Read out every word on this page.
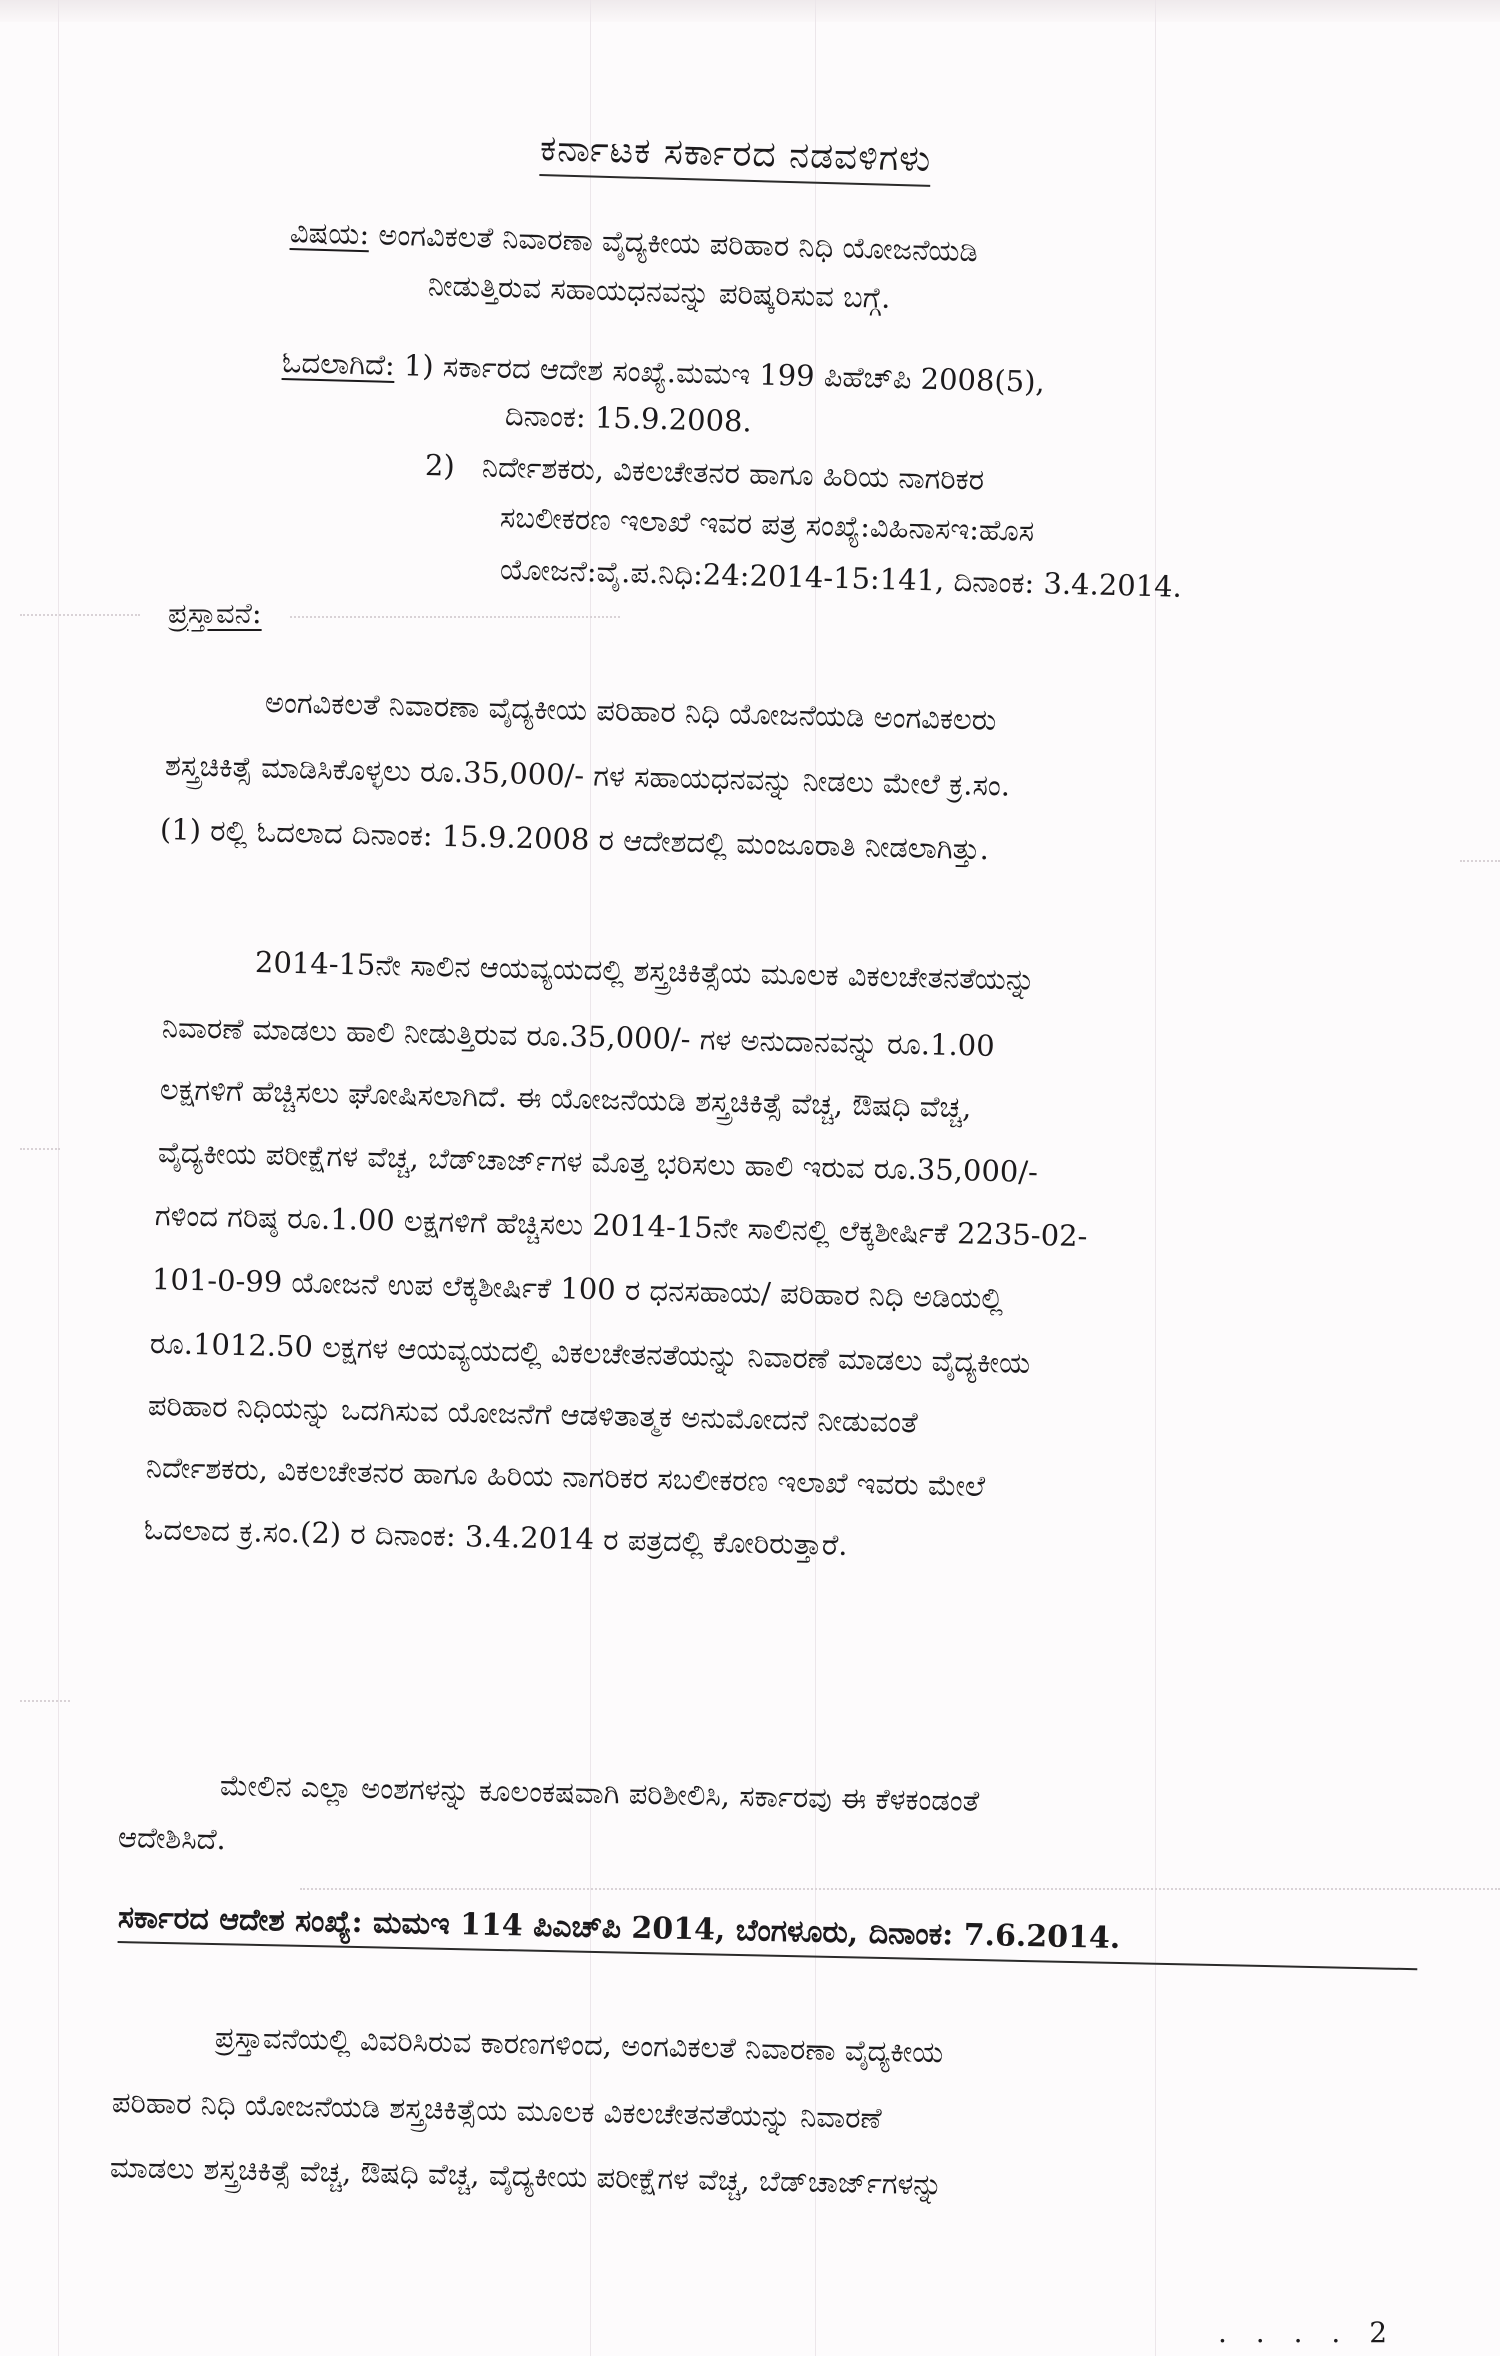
ಕರ್ನಾಟಕ ಸರ್ಕಾರದ ನಡವಳಿಗಳು
ವಿಷಯ: ಅಂಗವಿಕಲತೆ ನಿವಾರಣಾ ವೈದ್ಯಕೀಯ ಪರಿಹಾರ ನಿಧಿ ಯೋಜನೆಯಡಿ
ನೀಡುತ್ತಿರುವ ಸಹಾಯಧನವನ್ನು ಪರಿಷ್ಕರಿಸುವ ಬಗ್ಗೆ.
ಓದಲಾಗಿದೆ: 1) ಸರ್ಕಾರದ ಆದೇಶ ಸಂಖ್ಯೆ.ಮಮಇ 199 ಪಿಹೆಚ್‌ಪಿ 2008(5),
ದಿನಾಂಕ: 15.9.2008.
2) ನಿರ್ದೇಶಕರು, ವಿಕಲಚೇತನರ ಹಾಗೂ ಹಿರಿಯ ನಾಗರಿಕರ
ಸಬಲೀಕರಣ ಇಲಾಖೆ ಇವರ ಪತ್ರ ಸಂಖ್ಯೆ:ವಿಹಿನಾಸಇ:ಹೊಸ
ಯೋಜನೆ:ವೈ.ಪ.ನಿಧಿ:24:2014-15:141, ದಿನಾಂಕ: 3.4.2014.
ಪ್ರಸ್ತಾವನೆ:
ಅಂಗವಿಕಲತೆ ನಿವಾರಣಾ ವೈದ್ಯಕೀಯ ಪರಿಹಾರ ನಿಧಿ ಯೋಜನೆಯಡಿ ಅಂಗವಿಕಲರು
ಶಸ್ತ್ರಚಿಕಿತ್ಸೆ ಮಾಡಿಸಿಕೊಳ್ಳಲು ರೂ.35,000/- ಗಳ ಸಹಾಯಧನವನ್ನು ನೀಡಲು ಮೇಲೆ ಕ್ರ.ಸಂ.
(1) ರಲ್ಲಿ ಓದಲಾದ ದಿನಾಂಕ: 15.9.2008 ರ ಆದೇಶದಲ್ಲಿ ಮಂಜೂರಾತಿ ನೀಡಲಾಗಿತ್ತು.
2014-15ನೇ ಸಾಲಿನ ಆಯವ್ಯಯದಲ್ಲಿ ಶಸ್ತ್ರಚಿಕಿತ್ಸೆಯ ಮೂಲಕ ವಿಕಲಚೇತನತೆಯನ್ನು
ನಿವಾರಣೆ ಮಾಡಲು ಹಾಲಿ ನೀಡುತ್ತಿರುವ ರೂ.35,000/- ಗಳ ಅನುದಾನವನ್ನು ರೂ.1.00
ಲಕ್ಷಗಳಿಗೆ ಹೆಚ್ಚಿಸಲು ಘೋಷಿಸಲಾಗಿದೆ. ಈ ಯೋಜನೆಯಡಿ ಶಸ್ತ್ರಚಿಕಿತ್ಸೆ ವೆಚ್ಚ, ಔಷಧಿ ವೆಚ್ಚ,
ವೈದ್ಯಕೀಯ ಪರೀಕ್ಷೆಗಳ ವೆಚ್ಚ, ಬೆಡ್‌ಚಾರ್ಜ್‌ಗಳ ಮೊತ್ತ ಭರಿಸಲು ಹಾಲಿ ಇರುವ ರೂ.35,000/-
ಗಳಿಂದ ಗರಿಷ್ಠ ರೂ.1.00 ಲಕ್ಷಗಳಿಗೆ ಹೆಚ್ಚಿಸಲು 2014-15ನೇ ಸಾಲಿನಲ್ಲಿ ಲೆಕ್ಕಶೀರ್ಷಿಕೆ 2235-02-
101-0-99 ಯೋಜನೆ ಉಪ ಲೆಕ್ಕಶೀರ್ಷಿಕೆ 100 ರ ಧನಸಹಾಯ/ ಪರಿಹಾರ ನಿಧಿ ಅಡಿಯಲ್ಲಿ
ರೂ.1012.50 ಲಕ್ಷಗಳ ಆಯವ್ಯಯದಲ್ಲಿ ವಿಕಲಚೇತನತೆಯನ್ನು ನಿವಾರಣೆ ಮಾಡಲು ವೈದ್ಯಕೀಯ
ಪರಿಹಾರ ನಿಧಿಯನ್ನು ಒದಗಿಸುವ ಯೋಜನೆಗೆ ಆಡಳಿತಾತ್ಮಕ ಅನುಮೋದನೆ ನೀಡುವಂತೆ
ನಿರ್ದೇಶಕರು, ವಿಕಲಚೇತನರ ಹಾಗೂ ಹಿರಿಯ ನಾಗರಿಕರ ಸಬಲೀಕರಣ ಇಲಾಖೆ ಇವರು ಮೇಲೆ
ಓದಲಾದ ಕ್ರ.ಸಂ.(2) ರ ದಿನಾಂಕ: 3.4.2014 ರ ಪತ್ರದಲ್ಲಿ ಕೋರಿರುತ್ತಾರೆ.
ಮೇಲಿನ ಎಲ್ಲಾ ಅಂಶಗಳನ್ನು ಕೂಲಂಕಷವಾಗಿ ಪರಿಶೀಲಿಸಿ, ಸರ್ಕಾರವು ಈ ಕೆಳಕಂಡಂತೆ
ಆದೇಶಿಸಿದೆ.
ಸರ್ಕಾರದ ಆದೇಶ ಸಂಖ್ಯೆ: ಮಮಇ 114 ಪಿಎಚ್‌ಪಿ 2014, ಬೆಂಗಳೂರು, ದಿನಾಂಕ: 7.6.2014.
ಪ್ರಸ್ತಾವನೆಯಲ್ಲಿ ವಿವರಿಸಿರುವ ಕಾರಣಗಳಿಂದ, ಅಂಗವಿಕಲತೆ ನಿವಾರಣಾ ವೈದ್ಯಕೀಯ
ಪರಿಹಾರ ನಿಧಿ ಯೋಜನೆಯಡಿ ಶಸ್ತ್ರಚಿಕಿತ್ಸೆಯ ಮೂಲಕ ವಿಕಲಚೇತನತೆಯನ್ನು ನಿವಾರಣೆ
ಮಾಡಲು ಶಸ್ತ್ರಚಿಕಿತ್ಸೆ ವೆಚ್ಚ, ಔಷಧಿ ವೆಚ್ಚ, ವೈದ್ಯಕೀಯ ಪರೀಕ್ಷೆಗಳ ವೆಚ್ಚ, ಬೆಡ್‌ಚಾರ್ಜ್‌ಗಳನ್ನು
. . . . 2
